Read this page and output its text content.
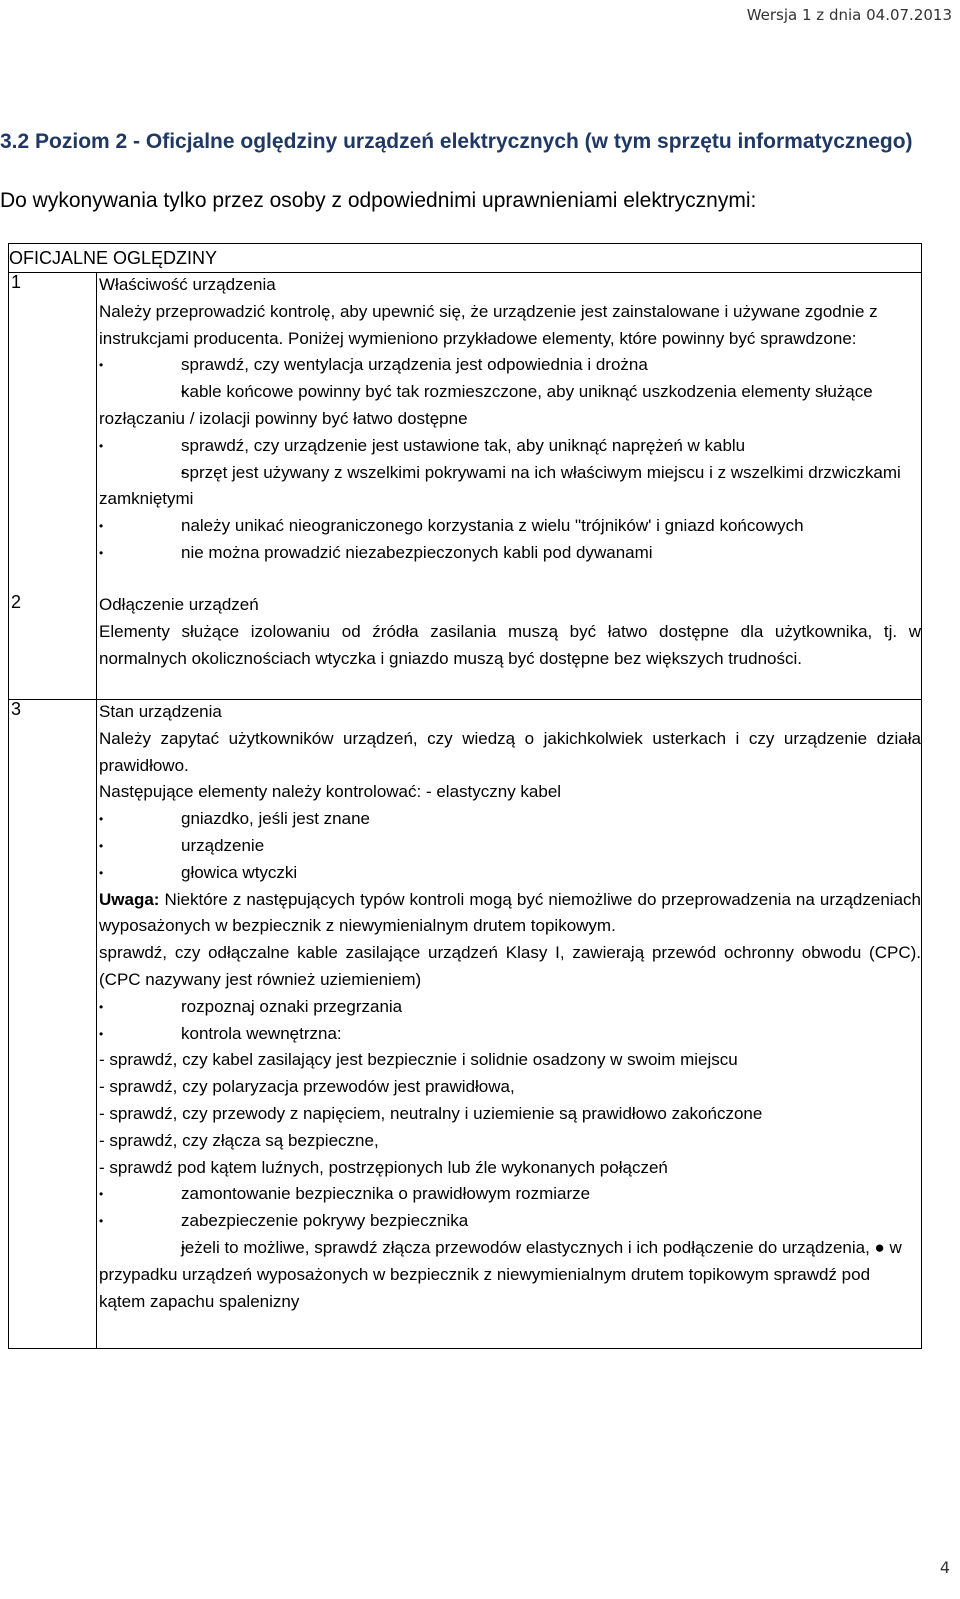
Wersja 1 z dnia 04.07.2013
3.2 Poziom 2 - Oficjalne oględziny urządzeń elektrycznych (w tym sprzętu informatycznego)
Do wykonywania tylko przez osoby z odpowiednimi uprawnieniami elektrycznymi:
OFICJALNE OGLĘDZINY
1	Właściwość urządzenia

Należy przeprowadzić kontrolę, aby upewnić się, że urządzenie jest zainstalowane i używane zgodnie z instrukcjami producenta. Poniżej wymieniono przykładowe elementy, które powinny być sprawdzone:

• sprawdź, czy wentylacja urządzenia jest odpowiednia i drożna

• kable końcowe powinny być tak rozmieszczone, aby uniknąć uszkodzenia elementy służące rozłączaniu / izolacji powinny być łatwo dostępne

• sprawdź, czy urządzenie jest ustawione tak, aby uniknąć naprężeń w kablu

• sprzęt jest używany z wszelkimi pokrywami na ich właściwym miejscu i z wszelkimi drzwiczkami zamkniętymi

• należy unikać nieograniczonego korzystania z wielu "trójników' i gniazd końcowych

• nie można prowadzić niezabezpieczonych kabli pod dywanami

2	Odłączenie urządzeń

Elementy służące izolowaniu od źródła zasilania muszą być łatwo dostępne dla użytkownika, tj. w normalnych okolicznościach wtyczka i gniazdo muszą być dostępne bez większych trudności.

3	Stan urządzenia

Należy zapytać użytkowników urządzeń, czy wiedzą o jakichkolwiek usterkach i czy urządzenie działa prawidłowo.

Następujące elementy należy kontrolować: - elastyczny kabel

• gniazdko, jeśli jest znane

• urządzenie

• głowica wtyczki

Uwaga: Niektóre z następujących typów kontroli mogą być niemożliwe do przeprowadzenia na urządzeniach wyposażonych w bezpiecznik z niewymienialnym drutem topikowym.

sprawdź, czy odłączalne kable zasilające urządzeń Klasy I, zawierają przewód ochronny obwodu (CPC). (CPC nazywany jest również uziemieniem)

• rozpoznaj oznaki przegrzania

• kontrola wewnętrzna:

- sprawdź, czy kabel zasilający jest bezpiecznie i solidnie osadzony w swoim miejscu

- sprawdź, czy polaryzacja przewodów jest prawidłowa,

- sprawdź, czy przewody z napięciem, neutralny i uziemienie są prawidłowo zakończone

- sprawdź, czy złącza są bezpieczne,

- sprawdź pod kątem luźnych, postrzępionych lub źle wykonanych połączeń

• zamontowanie bezpiecznika o prawidłowym rozmiarze

• zabezpieczenie pokrywy bezpiecznika

• jeżeli to możliwe, sprawdź złącza przewodów elastycznych i ich podłączenie do urządzenia, ● w przypadku urządzeń wyposażonych w bezpiecznik z niewymienialnym drutem topikowym sprawdź pod kątem zapachu spalenizny

4
